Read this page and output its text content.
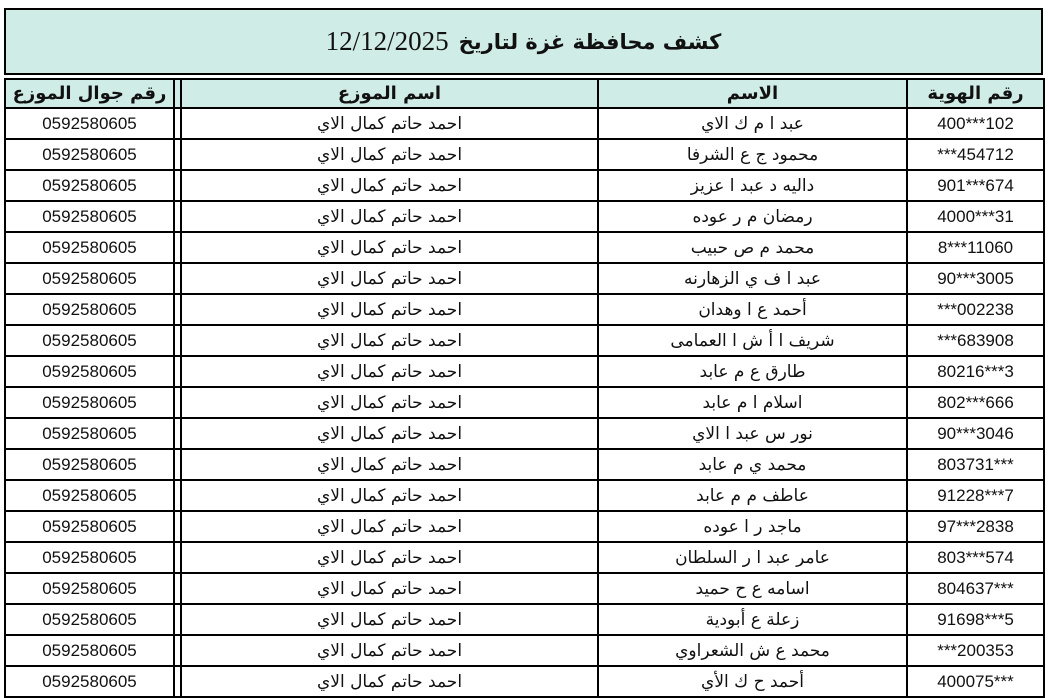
كشف محافظة غزة لتاريخ
12/12/2025
رقم الهوية	الاسم	اسم الموزع		رقم جوال الموزع
400***102	عبد ا م ك الاي	احمد حاتم كمال الاي		0592580605
***454712	محمود ج ع الشرفا	احمد حاتم كمال الاي		0592580605
901***674	داليه د عبد ا عزيز	احمد حاتم كمال الاي		0592580605
4000***31	رمضان م ر عوده	احمد حاتم كمال الاي		0592580605
8***11060	محمد م ص حبيب	احمد حاتم كمال الاي		0592580605
90***3005	عبد ا ف ي الزهارنه	احمد حاتم كمال الاي		0592580605
***002238	أحمد ع ا وهدان	احمد حاتم كمال الاي		0592580605
***683908	شريف ا أ ش ا العمامى	احمد حاتم كمال الاي		0592580605
80216***3	طارق ع م عابد	احمد حاتم كمال الاي		0592580605
802***666	اسلام ا م عابد	احمد حاتم كمال الاي		0592580605
90***3046	نور س عبد ا الاي	احمد حاتم كمال الاي		0592580605
803731***	محمد ي م عابد	احمد حاتم كمال الاي		0592580605
91228***7	عاطف م م عابد	احمد حاتم كمال الاي		0592580605
97***2838	ماجد ر ا عوده	احمد حاتم كمال الاي		0592580605
803***574	عامر عبد ا ر السلطان	احمد حاتم كمال الاي		0592580605
804637***	اسامه ع ح حميد	احمد حاتم كمال الاي		0592580605
91698***5	زعلة ع أبودية	احمد حاتم كمال الاي		0592580605
***200353	محمد ع ش الشعراوي	احمد حاتم كمال الاي		0592580605
400075***	أحمد ح ك الأي	احمد حاتم كمال الاي		0592580605
